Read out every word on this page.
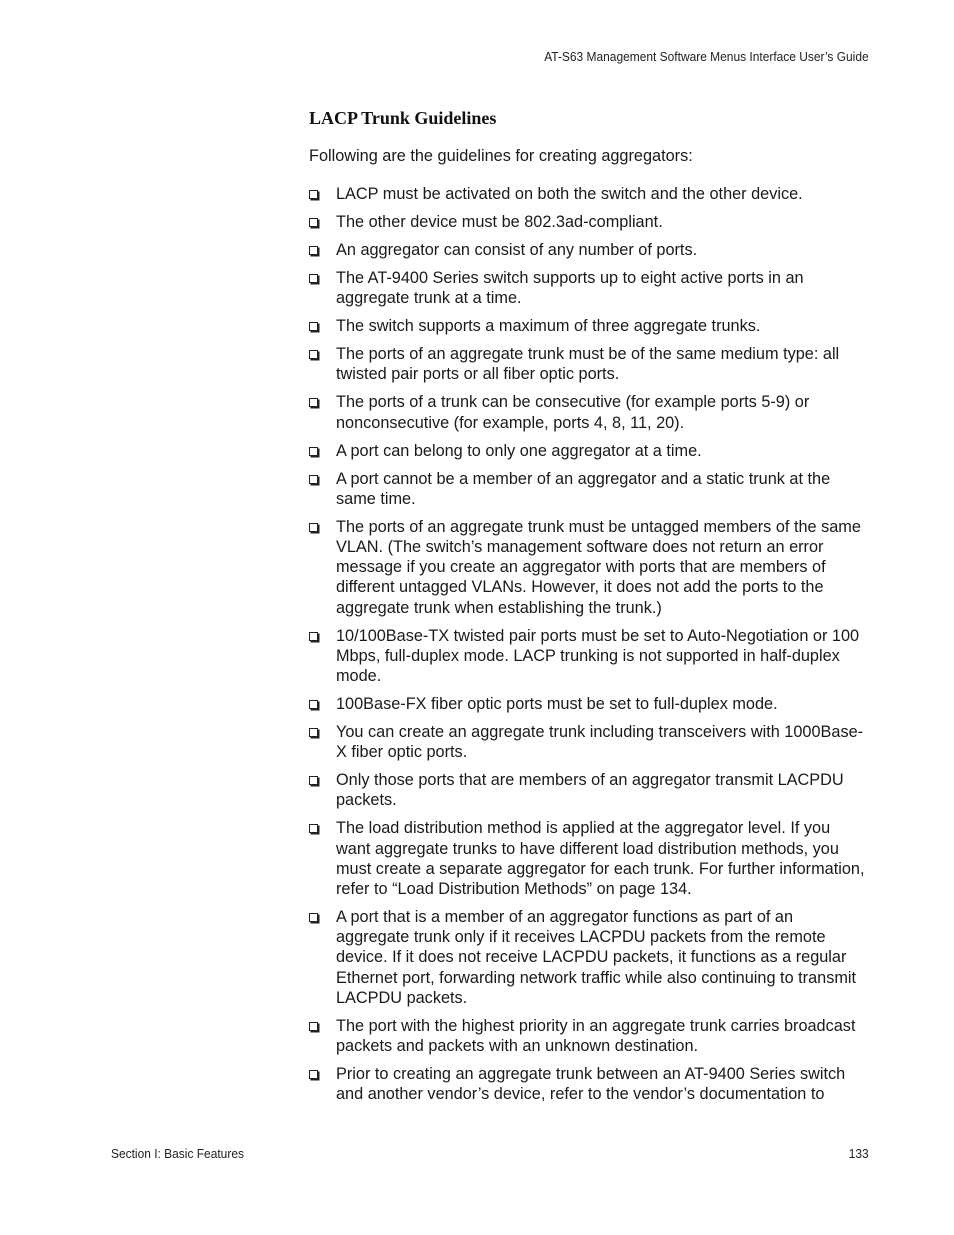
AT-S63 Management Software Menus Interface User’s Guide
LACP Trunk Guidelines
Following are the guidelines for creating aggregators:
LACP must be activated on both the switch and the other device.
The other device must be 802.3ad-compliant.
An aggregator can consist of any number of ports.
The AT-9400 Series switch supports up to eight active ports in an aggregate trunk at a time.
The switch supports a maximum of three aggregate trunks.
The ports of an aggregate trunk must be of the same medium type: all twisted pair ports or all fiber optic ports.
The ports of a trunk can be consecutive (for example ports 5-9) or nonconsecutive (for example, ports 4, 8, 11, 20).
A port can belong to only one aggregator at a time.
A port cannot be a member of an aggregator and a static trunk at the same time.
The ports of an aggregate trunk must be untagged members of the same VLAN. (The switch’s management software does not return an error message if you create an aggregator with ports that are members of different untagged VLANs. However, it does not add the ports to the aggregate trunk when establishing the trunk.)
10/100Base-TX twisted pair ports must be set to Auto-Negotiation or 100 Mbps, full-duplex mode. LACP trunking is not supported in half-duplex mode.
100Base-FX fiber optic ports must be set to full-duplex mode.
You can create an aggregate trunk including transceivers with 1000Base-X fiber optic ports.
Only those ports that are members of an aggregator transmit LACPDU packets.
The load distribution method is applied at the aggregator level. If you want aggregate trunks to have different load distribution methods, you must create a separate aggregator for each trunk. For further information, refer to “Load Distribution Methods” on page 134.
A port that is a member of an aggregator functions as part of an aggregate trunk only if it receives LACPDU packets from the remote device. If it does not receive LACPDU packets, it functions as a regular Ethernet port, forwarding network traffic while also continuing to transmit LACPDU packets.
The port with the highest priority in an aggregate trunk carries broadcast packets and packets with an unknown destination.
Prior to creating an aggregate trunk between an AT-9400 Series switch and another vendor’s device, refer to the vendor’s documentation to
Section I: Basic Features	133
